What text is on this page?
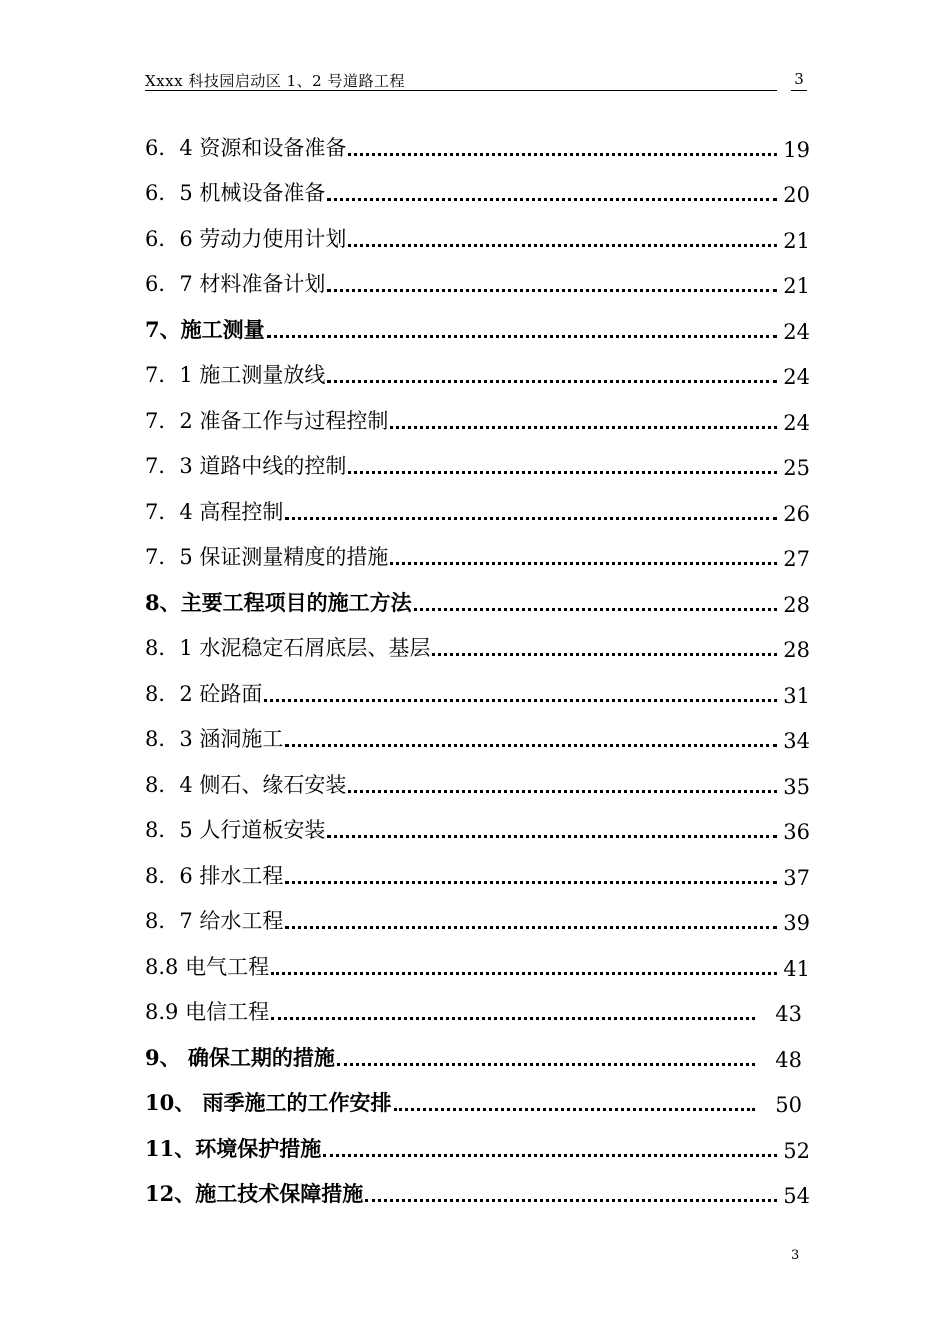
Xxxx 科技园启动区 1、2 号道路工程	3
6．4 资源和设备准备	19
6．5 机械设备准备	20
6．6 劳动力使用计划	21
6．7 材料准备计划	21
7、施工测量	24
7．1 施工测量放线	24
7．2 准备工作与过程控制	24
7．3 道路中线的控制	25
7．4 高程控制	26
7．5 保证测量精度的措施	27
8、主要工程项目的施工方法	28
8．1 水泥稳定石屑底层、基层	28
8．2 砼路面	31
8．3 涵洞施工	34
8．4 侧石、缘石安装	35
8．5 人行道板安装	36
8．6 排水工程	37
8．7 给水工程	39
8.8 电气工程	41
8.9 电信工程	43
9、 确保工期的措施	48
10、 雨季施工的工作安排	50
11、环境保护措施	52
12、施工技术保障措施	54
3
